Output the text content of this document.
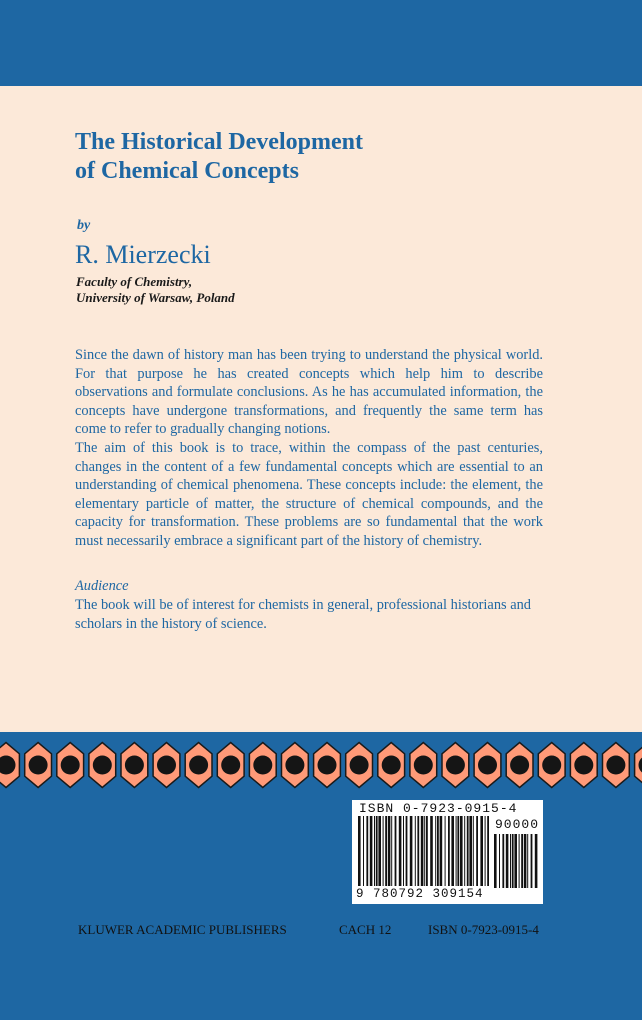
The Historical Development
of Chemical Concepts
by
R. Mierzecki
Faculty of Chemistry,
University of Warsaw, Poland

Since the dawn of history man has been trying to understand the physical world. For that purpose he has created concepts which help him to describe observations and formulate conclusions. As he has accumulated information, the concepts have undergone transformations, and frequently the same term has come to refer to gradually changing notions.

The aim of this book is to trace, within the compass of the past centuries, changes in the content of a few fundamental concepts which are essential to an understanding of chemical phenomena. These concepts include: the element, the elementary particle of matter, the structure of chemical compounds, and the capacity for transformation. These problems are so fundamental that the work must necessarily embrace a significant part of the history of chemistry.

Audience
The book will be of interest for chemists in general, professional historians and scholars in the history of science.
ISBN 0-7923-0915-4
90000
9 780792 309154
KLUWER ACADEMIC PUBLISHERS	CACH 12	ISBN 0-7923-0915-4
